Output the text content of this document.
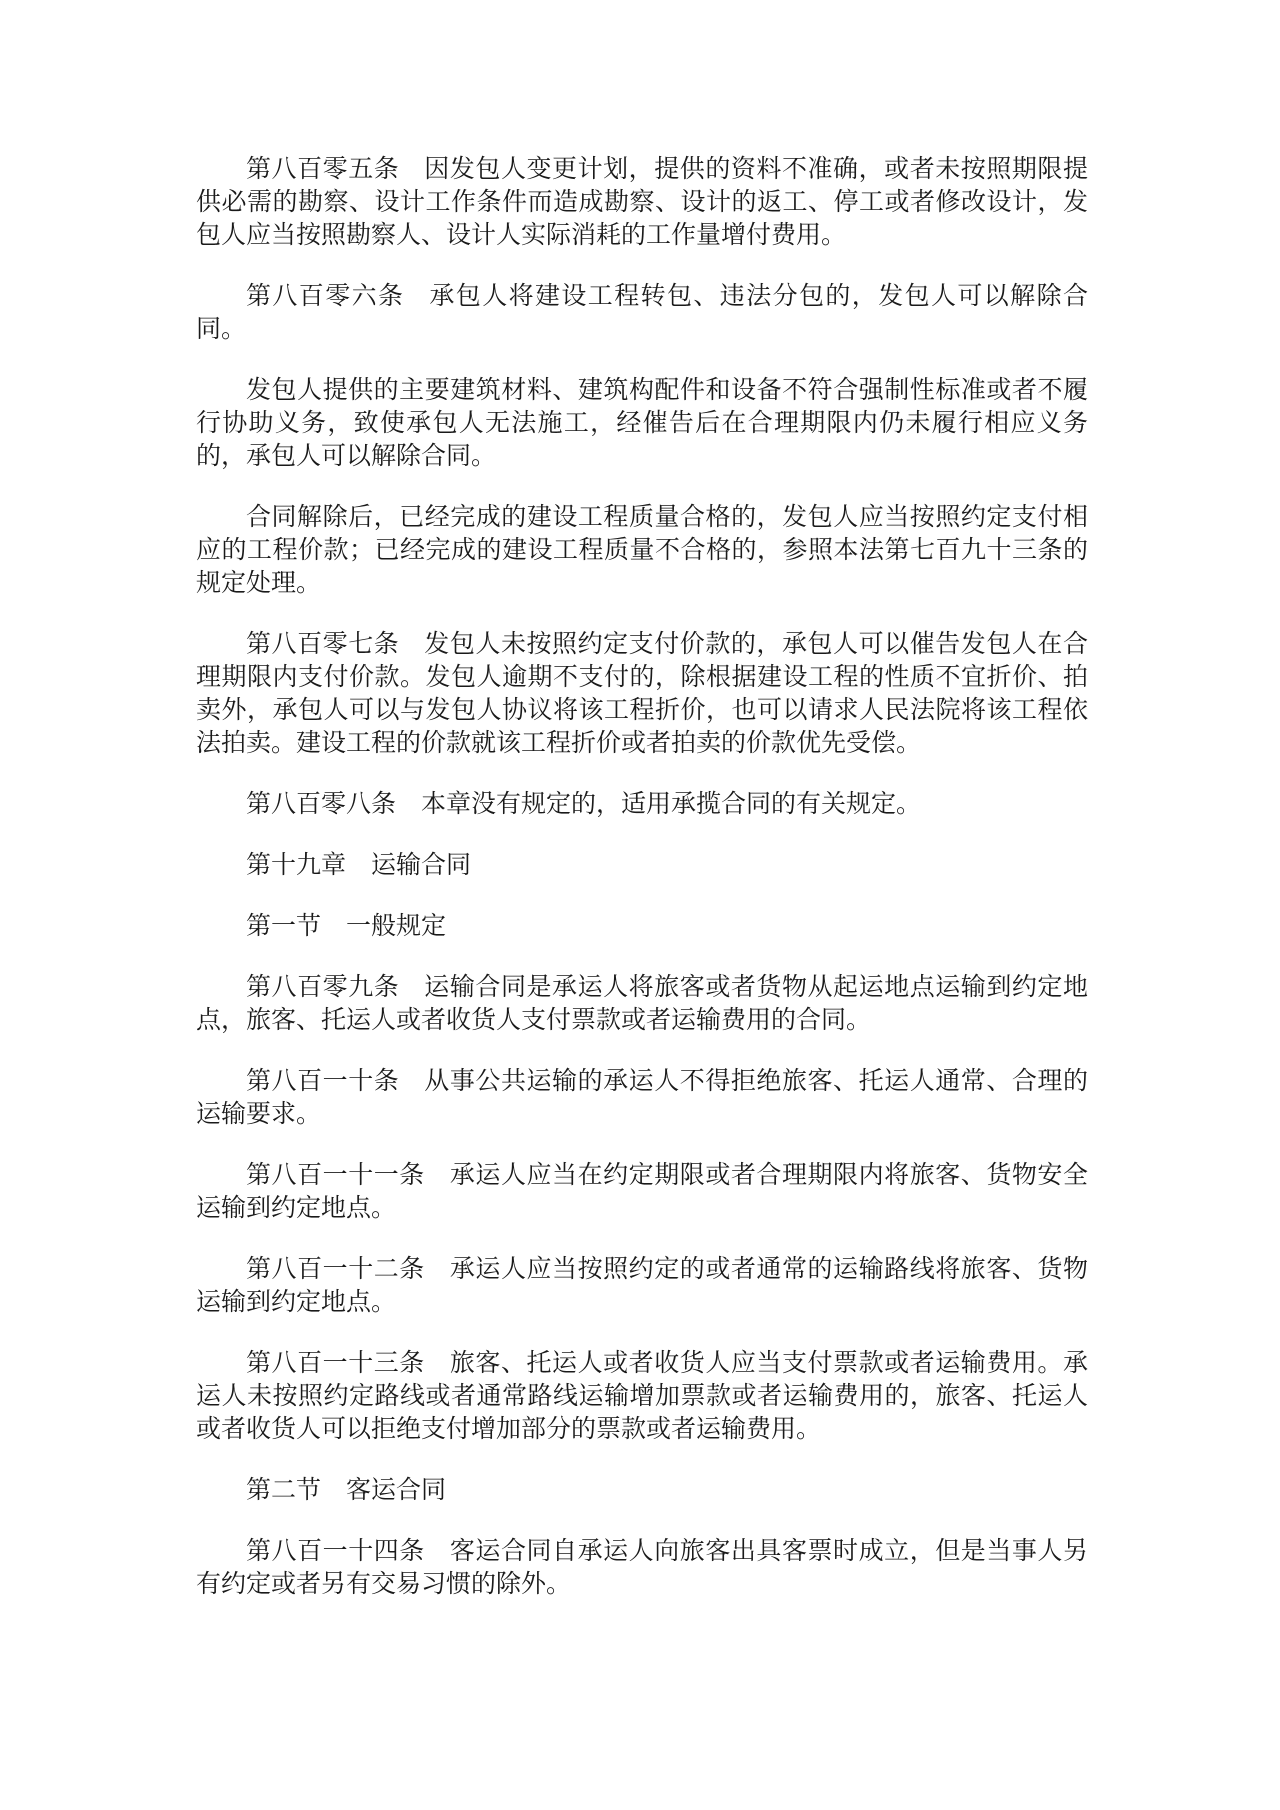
第八百零五条 因发包人变更计划，提供的资料不准确，或者未按照期限提供必需的勘察、设计工作条件而造成勘察、设计的返工、停工或者修改设计，发包人应当按照勘察人、设计人实际消耗的工作量增付费用。

第八百零六条 承包人将建设工程转包、违法分包的，发包人可以解除合同。

发包人提供的主要建筑材料、建筑构配件和设备不符合强制性标准或者不履行协助义务，致使承包人无法施工，经催告后在合理期限内仍未履行相应义务的，承包人可以解除合同。

合同解除后，已经完成的建设工程质量合格的，发包人应当按照约定支付相应的工程价款；已经完成的建设工程质量不合格的，参照本法第七百九十三条的规定处理。

第八百零七条 发包人未按照约定支付价款的，承包人可以催告发包人在合理期限内支付价款。发包人逾期不支付的，除根据建设工程的性质不宜折价、拍卖外，承包人可以与发包人协议将该工程折价，也可以请求人民法院将该工程依法拍卖。建设工程的价款就该工程折价或者拍卖的价款优先受偿。

第八百零八条 本章没有规定的，适用承揽合同的有关规定。

第十九章 运输合同

第一节 一般规定

第八百零九条 运输合同是承运人将旅客或者货物从起运地点运输到约定地点，旅客、托运人或者收货人支付票款或者运输费用的合同。

第八百一十条 从事公共运输的承运人不得拒绝旅客、托运人通常、合理的运输要求。

第八百一十一条 承运人应当在约定期限或者合理期限内将旅客、货物安全运输到约定地点。

第八百一十二条 承运人应当按照约定的或者通常的运输路线将旅客、货物运输到约定地点。

第八百一十三条 旅客、托运人或者收货人应当支付票款或者运输费用。承运人未按照约定路线或者通常路线运输增加票款或者运输费用的，旅客、托运人或者收货人可以拒绝支付增加部分的票款或者运输费用。

第二节 客运合同

第八百一十四条 客运合同自承运人向旅客出具客票时成立，但是当事人另有约定或者另有交易习惯的除外。
